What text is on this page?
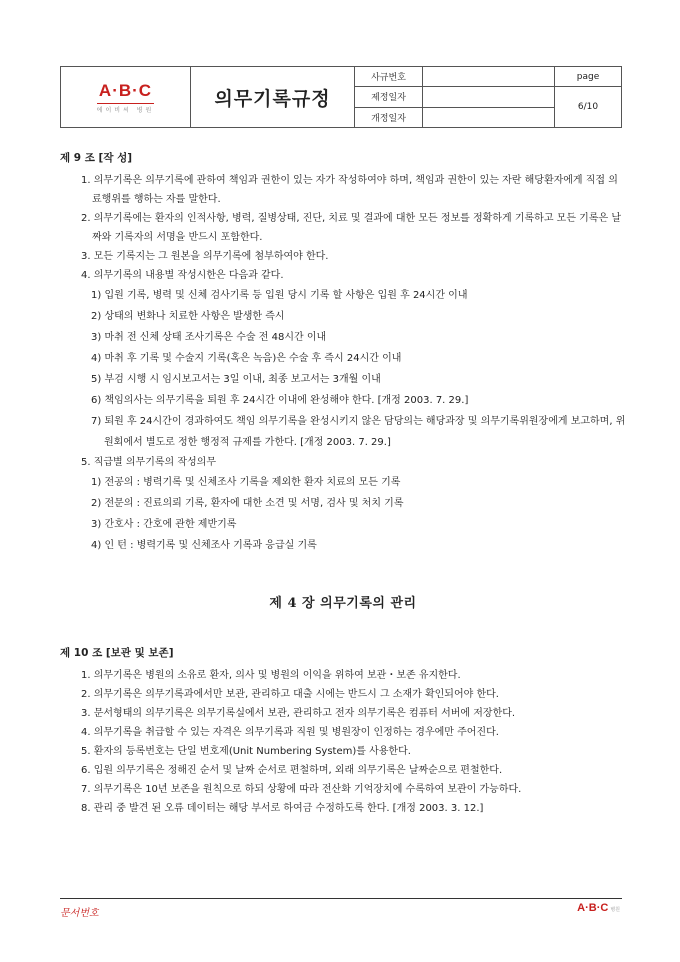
A·B·C
에이비씨 병원
의무기록규정
사규번호
제정일자
개정일자
page
6/10
제 9 조 [작 성]
1. 의무기록은 의무기록에 관하여 책임과 권한이 있는 자가 작성하여야 하며, 책임과 권한이 있는 자란 해당환자에게 직접 의료행위를 행하는 자를 말한다.
2. 의무기록에는 환자의 인적사항, 병력, 질병상태, 진단, 치료 및 결과에 대한 모든 정보를 정확하게 기록하고 모든 기록은 날짜와 기록자의 서명을 반드시 포함한다.
3. 모든 기록지는 그 원본을 의무기록에 첨부하여야 한다.
4. 의무기록의 내용별 작성시한은 다음과 같다.
1) 입원 기록, 병력 및 신체 검사기록 등 입원 당시 기록 할 사항은 입원 후 24시간 이내
2) 상태의 변화나 치료한 사항은 발생한 즉시
3) 마취 전 신체 상태 조사기록은 수술 전 48시간 이내
4) 마취 후 기록 및 수술지 기록(혹은 녹음)은 수술 후 즉시 24시간 이내
5) 부검 시행 시 임시보고서는 3일 이내, 최종 보고서는 3개월 이내
6) 책임의사는 의무기록을 퇴원 후 24시간 이내에 완성해야 한다. [개정 2003. 7. 29.]
7) 퇴원 후 24시간이 경과하여도 책임 의무기록을 완성시키지 않은 담당의는 해당과장 및 의무기록위원장에게 보고하며, 위원회에서 별도로 정한 행정적 규제를 가한다. [개정 2003. 7. 29.]
5. 직급별 의무기록의 작성의무
1) 전공의 : 병력기록 및 신체조사 기록을 제외한 환자 치료의 모든 기록
2) 전문의 : 진료의뢰 기록, 환자에 대한 소견 및 서명, 검사 및 처치 기록
3) 간호사 : 간호에 관한 제반기록
4) 인 턴 : 병력기록 및 신체조사 기록과 응급실 기록
제 4 장 의무기록의 관리
제 10 조 [보관 및 보존]
1. 의무기록은 병원의 소유로 환자, 의사 및 병원의 이익을 위하여 보관・보존 유지한다.
2. 의무기록은 의무기록과에서만 보관, 관리하고 대출 시에는 반드시 그 소재가 확인되어야 한다.
3. 문서형태의 의무기록은 의무기록실에서 보관, 관리하고 전자 의무기록은 컴퓨터 서버에 저장한다.
4. 의무기록을 취급할 수 있는 자격은 의무기록과 직원 및 병원장이 인정하는 경우에만 주어진다.
5. 환자의 등록번호는 단일 번호제(Unit Numbering System)를 사용한다.
6. 입원 의무기록은 정해진 순서 및 날짜 순서로 편철하며, 외래 의무기록은 날짜순으로 편철한다.
7. 의무기록은 10년 보존을 원칙으로 하되 상황에 따라 전산화 기억장치에 수록하여 보관이 가능하다.
8. 관리 중 발견 된 오류 데이터는 해당 부서로 하여금 수정하도록 한다. [개정 2003. 3. 12.]
문서번호	A·B·C 병원
